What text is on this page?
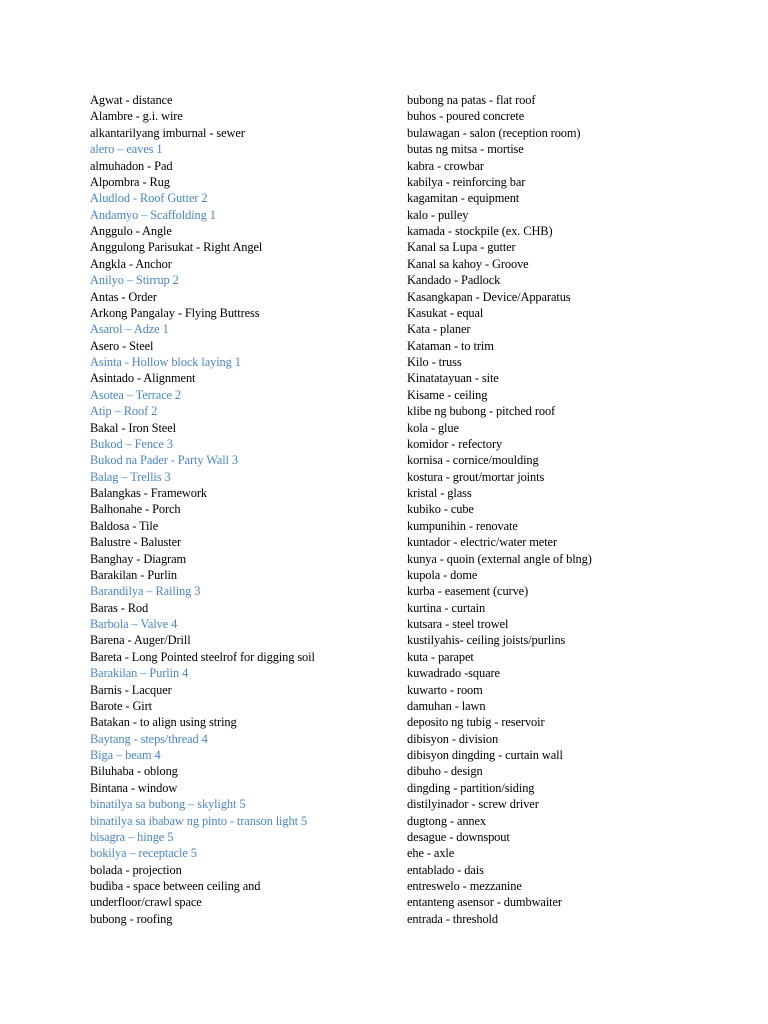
Agwat - distance
Alambre - g.i. wire
alkantarilyang imburnal - sewer
alero – eaves 1
almuhadon - Pad
Alpombra - Rug
Aludlod - Roof Gutter 2
Andamyo – Scaffolding 1
Anggulo - Angle
Anggulong Parisukat - Right Angel
Angkla - Anchor
Anilyo – Stirrup 2
Antas - Order
Arkong Pangalay - Flying Buttress
Asarol – Adze 1
Asero - Steel
Asinta - Hollow block laying 1
Asintado - Alignment
Asotea – Terrace 2
Atip – Roof 2
Bakal - Iron Steel
Bukod – Fence 3
Bukod na Pader - Party Wall 3
Balag – Trellis 3
Balangkas - Framework
Balhonahe - Porch
Baldosa - Tile
Balustre - Baluster
Banghay - Diagram
Barakilan - Purlin
Barandilya – Railing 3
Baras - Rod
Barbola – Valve 4
Barena - Auger/Drill
Bareta - Long Pointed steelrof for digging soil
Barakilan – Purlin 4
Barnis - Lacquer
Barote - Girt
Batakan - to align using string
Baytang - steps/thread 4
Biga – beam 4
Biluhaba - oblong
Bintana - window
binatilya sa bubong – skylight 5
binatilya sa ibabaw ng pinto - transon light 5
bisagra – hinge 5
bokilya – receptacle 5
bolada - projection
budiba - space between ceiling and
underfloor/crawl space
bubong - roofing
bubong na patas - flat roof
buhos - poured concrete
bulawagan - salon (reception room)
butas ng mitsa - mortise
kabra - crowbar
kabilya - reinforcing bar
kagamitan - equipment
kalo - pulley
kamada - stockpile (ex. CHB)
Kanal sa Lupa - gutter
Kanal sa kahoy - Groove
Kandado - Padlock
Kasangkapan - Device/Apparatus
Kasukat - equal
Kata - planer
Kataman - to trim
Kilo - truss
Kinatatayuan - site
Kisame - ceiling
klibe ng bubong - pitched roof
kola - glue
komidor - refectory
kornisa - cornice/moulding
kostura - grout/mortar joints
kristal - glass
kubiko - cube
kumpunihin - renovate
kuntador - electric/water meter
kunya - quoin (external angle of blng)
kupola - dome
kurba - easement (curve)
kurtina - curtain
kutsara - steel trowel
kustilyahis- ceiling joists/purlins
kuta - parapet
kuwadrado -square
kuwarto - room
damuhan - lawn
deposito ng tubig - reservoir
dibisyon - division
dibisyon dingding - curtain wall
dibuho - design
dingding - partition/siding
distilyinador - screw driver
dugtong - annex
desague - downspout
ehe - axle
entablado - dais
entreswelo - mezzanine
entanteng asensor - dumbwaiter
entrada - threshold
